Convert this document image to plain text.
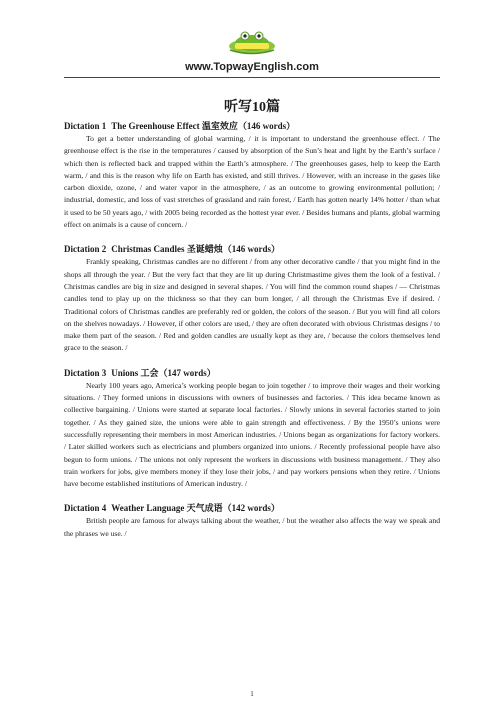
www.TopwayEnglish.com
听写10篇
Dictation 1 The Greenhouse Effect 温室效应（146 words）

To get a better understanding of global warming, / it is important to understand the greenhouse effect. / The greenhouse effect is the rise in the temperatures / caused by absorption of the Sun’s heat and light by the Earth’s surface / which then is reflected back and trapped within the Earth’s atmosphere. / The greenhouses gases, help to keep the Earth warm, / and this is the reason why life on Earth has existed, and still thrives. / However, with an increase in the gases like carbon dioxide, ozone, / and water vapor in the atmosphere, / as an outcome to growing environmental pollution; / industrial, domestic, and loss of vast stretches of grassland and rain forest, / Earth has gotten nearly 14% hotter / than what it used to be 50 years ago, / with 2005 being recorded as the hottest year ever. / Besides humans and plants, global warming effect on animals is a cause of concern. /

Dictation 2 Christmas Candles 圣诞蜡烛（146 words）

Frankly speaking, Christmas candles are no different / from any other decorative candle / that you might find in the shops all through the year. / But the very fact that they are lit up during Christmastime gives them the look of a festival. / Christmas candles are big in size and designed in several shapes. / You will find the common round shapes / — Christmas candles tend to play up on the thickness so that they can burn longer, / all through the Christmas Eve if desired. / Traditional colors of Christmas candles are preferably red or golden, the colors of the season. / But you will find all colors on the shelves nowadays. / However, if other colors are used, / they are often decorated with obvious Christmas designs / to make them part of the season. / Red and golden candles are usually kept as they are, / because the colors themselves lend grace to the season. /

Dictation 3 Unions 工会（147 words）

Nearly 100 years ago, America’s working people began to join together / to improve their wages and their working situations. / They formed unions in discussions with owners of businesses and factories. / This idea became known as collective bargaining. / Unions were started at separate local factories. / Slowly unions in several factories started to join together. / As they gained size, the unions were able to gain strength and effectiveness. / By the 1950’s unions were successfully representing their members in most American industries. / Unions began as organizations for factory workers. / Later skilled workers such as electricians and plumbers organized into unions. / Recently professional people have also begun to form unions. / The unions not only represent the workers in discussions with business management. / They also train workers for jobs, give members money if they lose their jobs, / and pay workers pensions when they retire. / Unions have become established institutions of American industry. /

Dictation 4 Weather Language 天气成语（142 words）

British people are famous for always talking about the weather, / but the weather also affects the way we speak and the phrases we use. /

1
